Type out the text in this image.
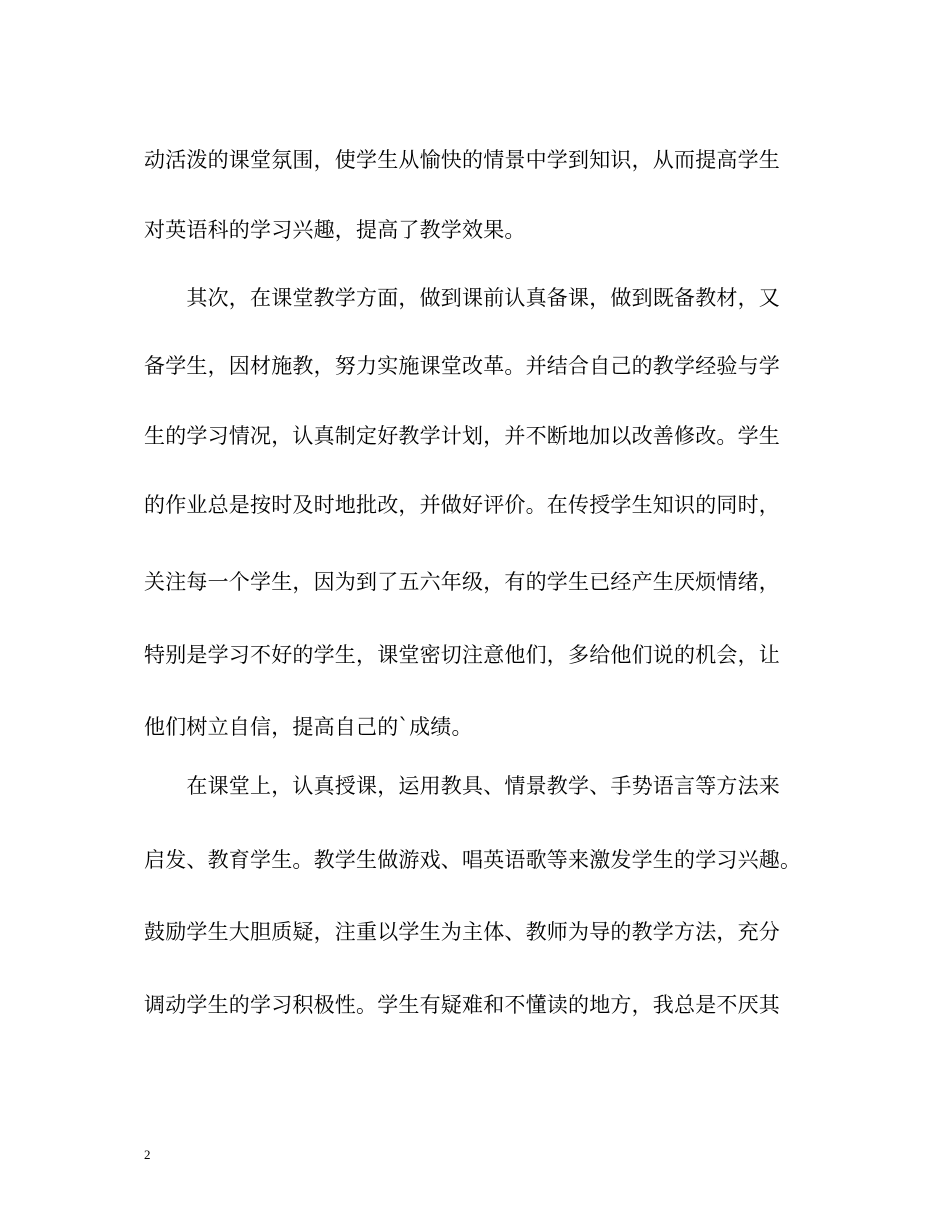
动活泼的课堂氛围，使学生从愉快的情景中学到知识，从而提高学生
对英语科的学习兴趣，提高了教学效果。
　　其次，在课堂教学方面，做到课前认真备课，做到既备教材，又
备学生，因材施教，努力实施课堂改革。并结合自己的教学经验与学
生的学习情况，认真制定好教学计划，并不断地加以改善修改。学生
的作业总是按时及时地批改，并做好评价。在传授学生知识的同时，
关注每一个学生，因为到了五六年级，有的学生已经产生厌烦情绪，
特别是学习不好的学生，课堂密切注意他们，多给他们说的机会，让
他们树立自信，提高自己的`成绩。
　　在课堂上，认真授课，运用教具、情景教学、手势语言等方法来
启发、教育学生。教学生做游戏、唱英语歌等来激发学生的学习兴趣。
鼓励学生大胆质疑，注重以学生为主体、教师为导的教学方法，充分
调动学生的学习积极性。学生有疑难和不懂读的地方，我总是不厌其
2
